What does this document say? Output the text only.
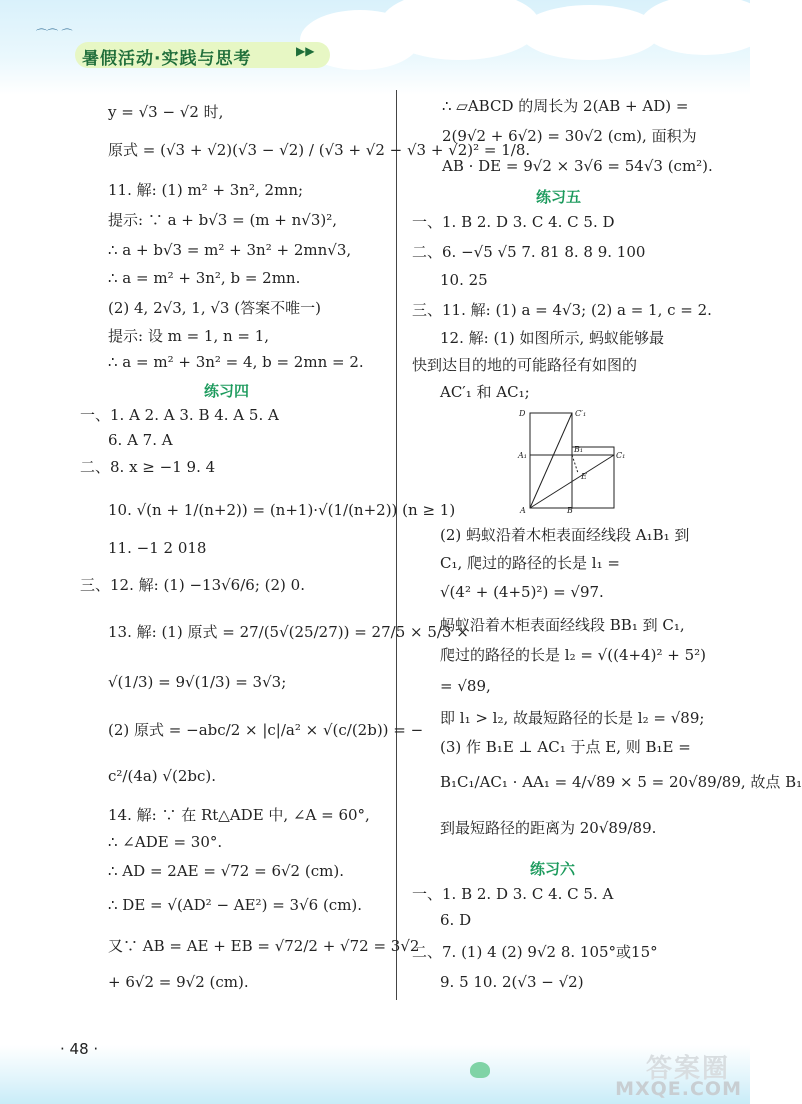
⌒⌒ ⌒
暑假活动·实践与思考	▶▶
y = √3 − √2 时,
原式 = (√3 + √2)(√3 − √2) / (√3 + √2 − √3 + √2)² = 1/8.
11. 解: (1) m² + 3n², 2mn;
提示: ∵ a + b√3 = (m + n√3)²,
∴ a + b√3 = m² + 3n² + 2mn√3,
∴ a = m² + 3n², b = 2mn.
(2) 4, 2√3, 1, √3 (答案不唯一)
提示: 设 m = 1, n = 1,
∴ a = m² + 3n² = 4, b = 2mn = 2.
练习四
一、1. A 2. A 3. B 4. A 5. A
6. A 7. A
二、8. x ≥ −1 9. 4
10. √(n + 1/(n+2)) = (n+1)·√(1/(n+2)) (n ≥ 1)
11. −1 2 018
三、12. 解: (1) −13√6/6; (2) 0.
13. 解: (1) 原式 = 27/(5√(25/27)) = 27/5 × 5/3 ×
√(1/3) = 9√(1/3) = 3√3;
(2) 原式 = −abc/2 × |c|/a² × √(c/(2b)) = −
c²/(4a) √(2bc).
14. 解: ∵ 在 Rt△ADE 中, ∠A = 60°,
∴ ∠ADE = 30°.
∴ AD = 2AE = √72 = 6√2 (cm).
∴ DE = √(AD² − AE²) = 3√6 (cm).
又∵ AB = AE + EB = √72/2 + √72 = 3√2
+ 6√2 = 9√2 (cm).
∴ ▱ABCD 的周长为 2(AB + AD) =
2(9√2 + 6√2) = 30√2 (cm), 面积为
AB · DE = 9√2 × 3√6 = 54√3 (cm²).
练习五
一、1. B 2. D 3. C 4. C 5. D
二、6. −√5 √5 7. 81 8. 8 9. 100
10. 25
三、11. 解: (1) a = 4√3; (2) a = 1, c = 2.
12. 解: (1) 如图所示, 蚂蚁能够最
快到达目的地的可能路径有如图的
AC′₁ 和 AC₁;
D	C′₁
B₁
A₁	C₁
E
A	B
(2) 蚂蚁沿着木柜表面经线段 A₁B₁ 到
C₁, 爬过的路径的长是 l₁ =
√(4² + (4+5)²) = √97.
蚂蚁沿着木柜表面经线段 BB₁ 到 C₁,
爬过的路径的长是 l₂ = √((4+4)² + 5²)
= √89,
即 l₁ > l₂, 故最短路径的长是 l₂ = √89;
(3) 作 B₁E ⊥ AC₁ 于点 E, 则 B₁E =
B₁C₁/AC₁ · AA₁ = 4/√89 × 5 = 20√89/89, 故点 B₁
到最短路径的距离为 20√89/89.
练习六
一、1. B 2. D 3. C 4. C 5. A
6. D
二、7. (1) 4 (2) 9√2 8. 105°或15°
9. 5 10. 2(√3 − √2)
· 48 ·
答案圈
MXQE.COM
